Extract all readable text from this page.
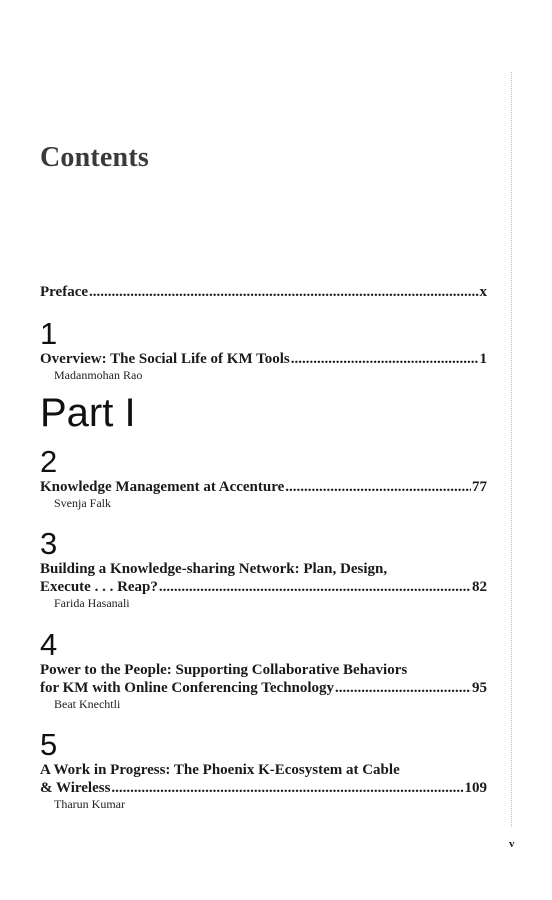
Contents
Preface .....	x
1
Overview: The Social Life of KM Tools .....	1
Madanmohan Rao
Part I
2
Knowledge Management at Accenture .....	77
Svenja Falk
3
Building a Knowledge-sharing Network: Plan, Design,
Execute . . . Reap? .....	82
Farida Hasanali
4
Power to the People: Supporting Collaborative Behaviors
for KM with Online Conferencing Technology .....	95
Beat Knechtli
5
A Work in Progress: The Phoenix K-Ecosystem at Cable
& Wireless .....	109
Tharun Kumar
v
